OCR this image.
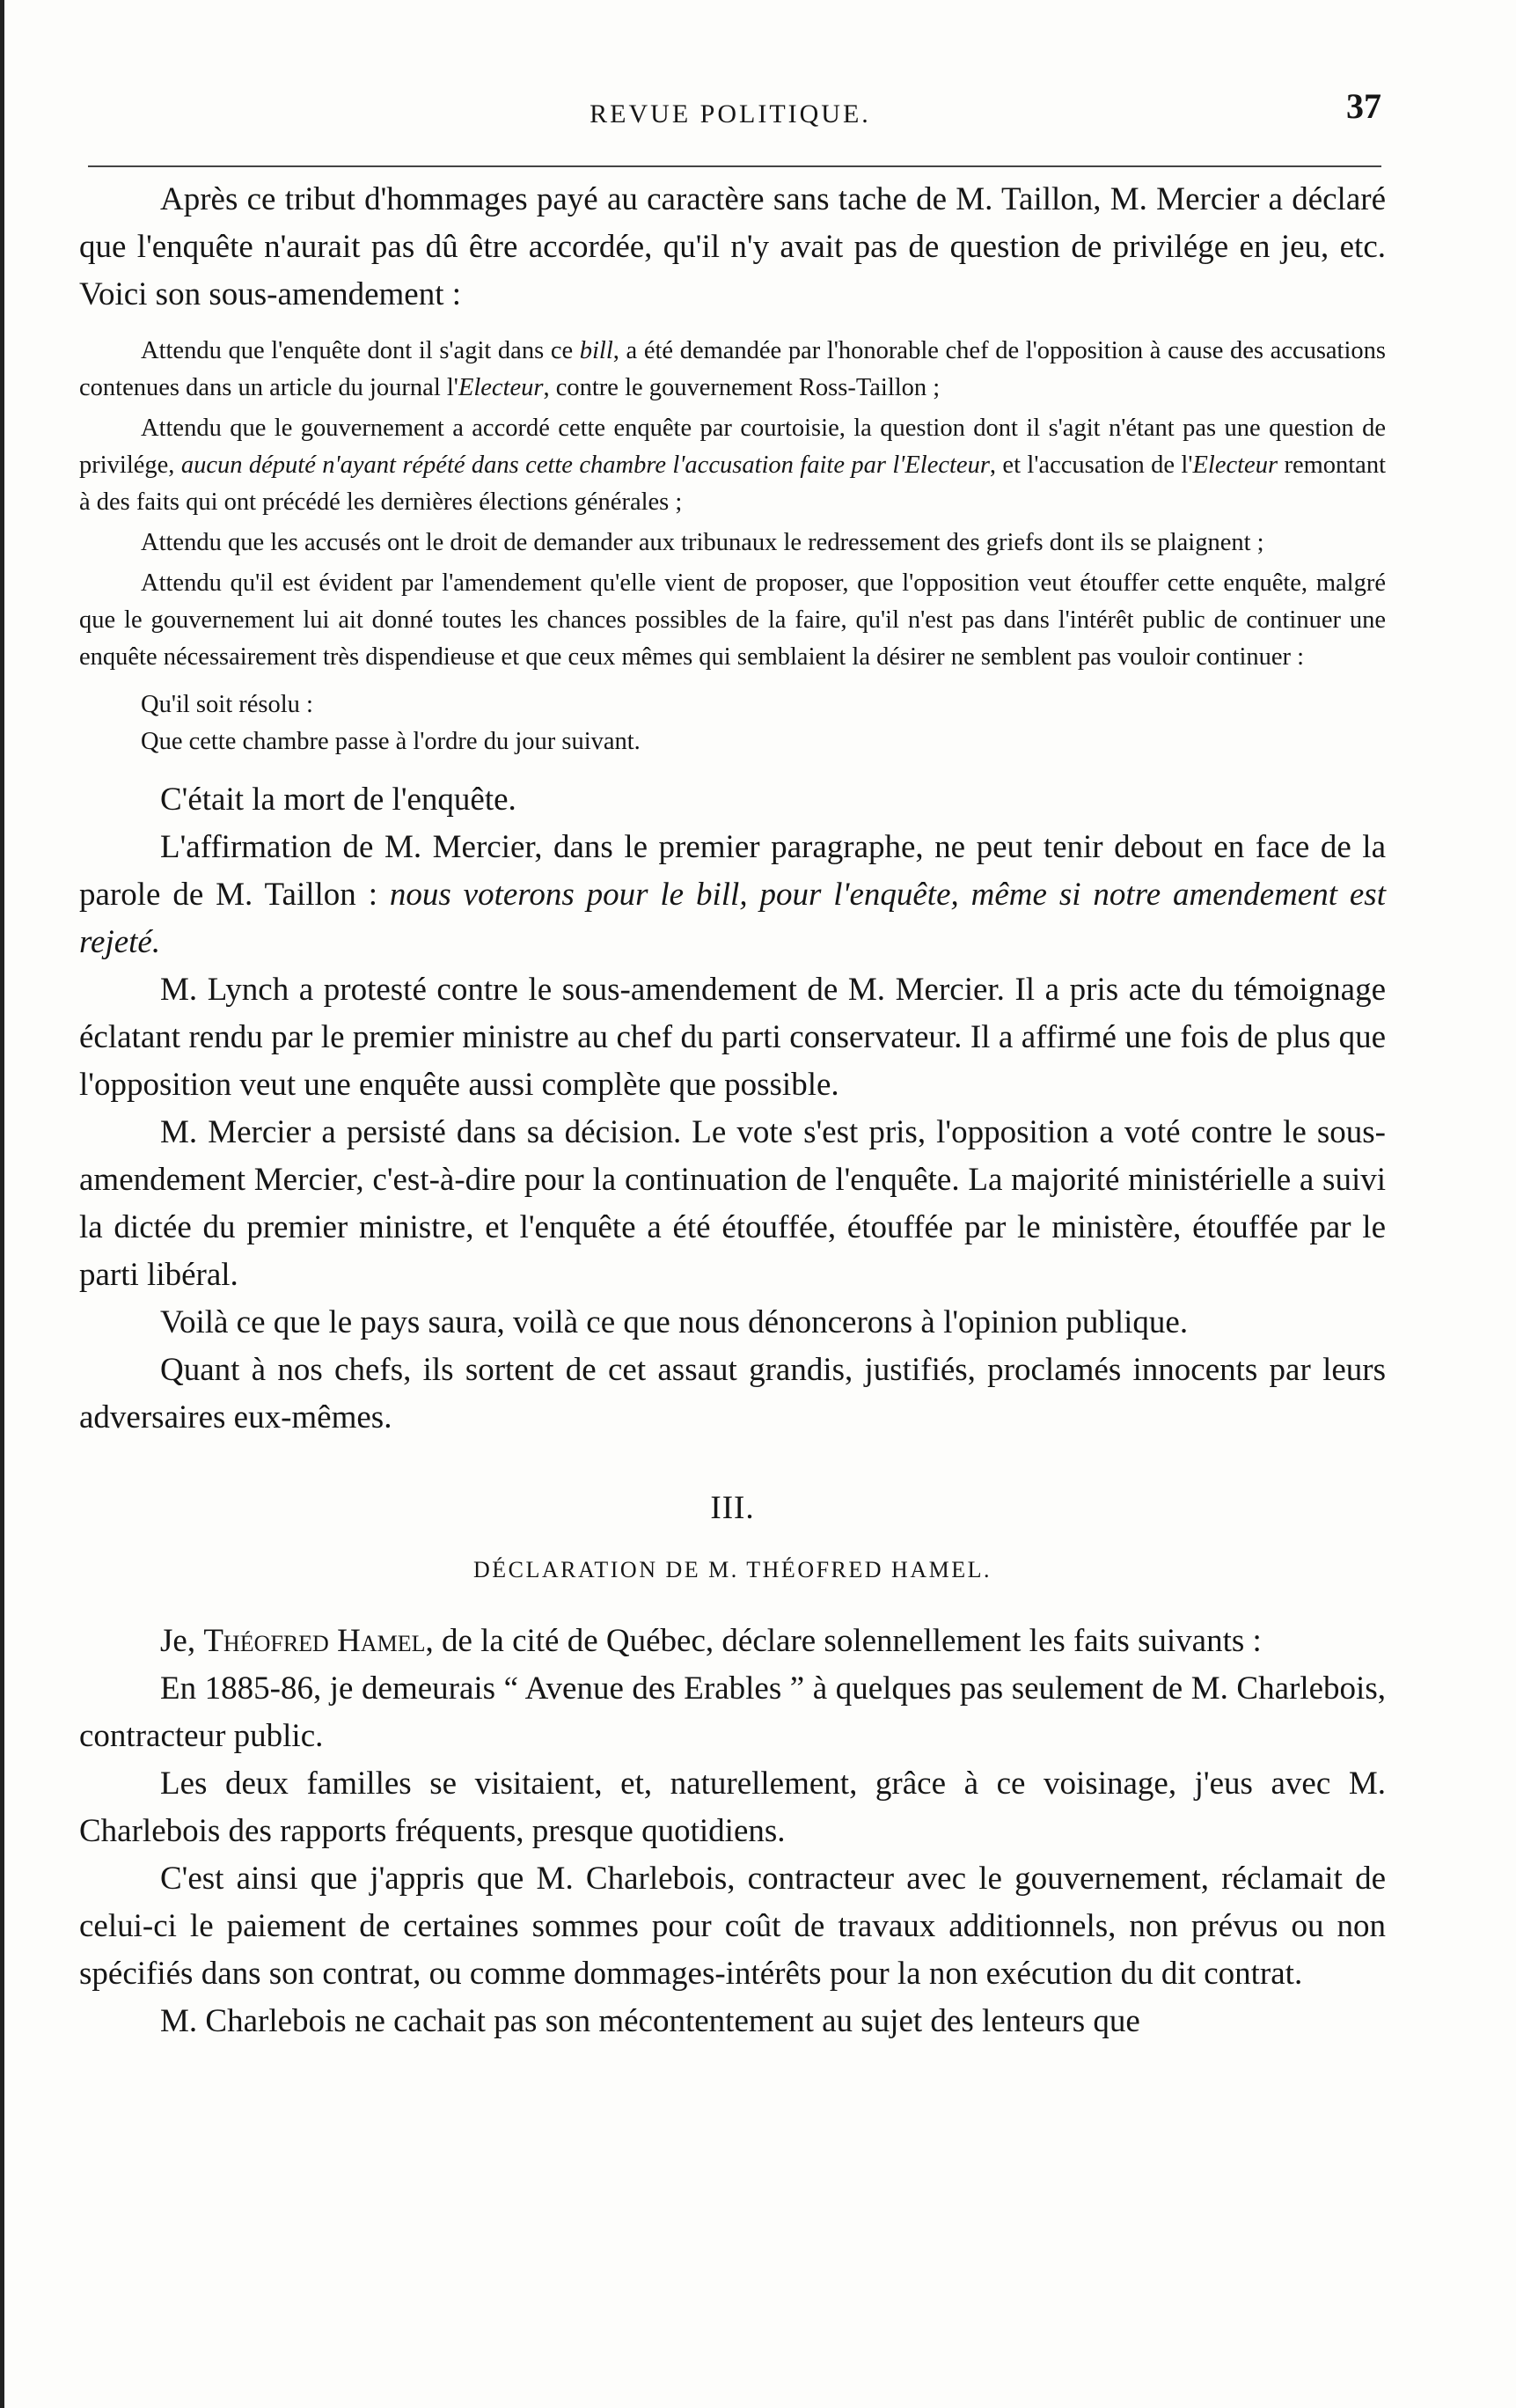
REVUE POLITIQUE.	37

Après ce tribut d'hommages payé au caractère sans tache de M. Taillon, M. Mercier a déclaré que l'enquête n'aurait pas dû être accordée, qu'il n'y avait pas de question de privilége en jeu, etc. Voici son sous-amendement :

Attendu que l'enquête dont il s'agit dans ce bill, a été demandée par l'honorable chef de l'opposition à cause des accusations contenues dans un article du journal l'Electeur, contre le gouvernement Ross-Taillon ;

Attendu que le gouvernement a accordé cette enquête par courtoisie, la question dont il s'agit n'étant pas une question de privilége, aucun député n'ayant répété dans cette chambre l'accusation faite par l'Electeur, et l'accusation de l'Electeur remontant à des faits qui ont précédé les dernières élections générales ;

Attendu que les accusés ont le droit de demander aux tribunaux le redressement des griefs dont ils se plaignent ;

Attendu qu'il est évident par l'amendement qu'elle vient de proposer, que l'opposition veut étouffer cette enquête, malgré que le gouvernement lui ait donné toutes les chances possibles de la faire, qu'il n'est pas dans l'intérêt public de continuer une enquête nécessairement très dispendieuse et que ceux mêmes qui semblaient la désirer ne semblent pas vouloir continuer :

Qu'il soit résolu :

Que cette chambre passe à l'ordre du jour suivant.

C'était la mort de l'enquête.

L'affirmation de M. Mercier, dans le premier paragraphe, ne peut tenir debout en face de la parole de M. Taillon : nous voterons pour le bill, pour l'enquête, même si notre amendement est rejeté.

M. Lynch a protesté contre le sous-amendement de M. Mercier. Il a pris acte du témoignage éclatant rendu par le premier ministre au chef du parti conservateur. Il a affirmé une fois de plus que l'opposition veut une enquête aussi complète que possible.

M. Mercier a persisté dans sa décision. Le vote s'est pris, l'opposition a voté contre le sous-amendement Mercier, c'est-à-dire pour la continuation de l'enquête. La majorité ministérielle a suivi la dictée du premier ministre, et l'enquête a été étouffée, étouffée par le ministère, étouffée par le parti libéral.

Voilà ce que le pays saura, voilà ce que nous dénoncerons à l'opinion publique.

Quant à nos chefs, ils sortent de cet assaut grandis, justifiés, proclamés innocents par leurs adversaires eux-mêmes.

III.
DÉCLARATION DE M. THÉOFRED HAMEL.

Je, Théofred Hamel, de la cité de Québec, déclare solennellement les faits suivants :

En 1885-86, je demeurais “ Avenue des Erables ” à quelques pas seulement de M. Charlebois, contracteur public.

Les deux familles se visitaient, et, naturellement, grâce à ce voisinage, j'eus avec M. Charlebois des rapports fréquents, presque quotidiens.

C'est ainsi que j'appris que M. Charlebois, contracteur avec le gouvernement, réclamait de celui-ci le paiement de certaines sommes pour coût de travaux additionnels, non prévus ou non spécifiés dans son contrat, ou comme dommages-intérêts pour la non exécution du dit contrat.

M. Charlebois ne cachait pas son mécontentement au sujet des lenteurs que
